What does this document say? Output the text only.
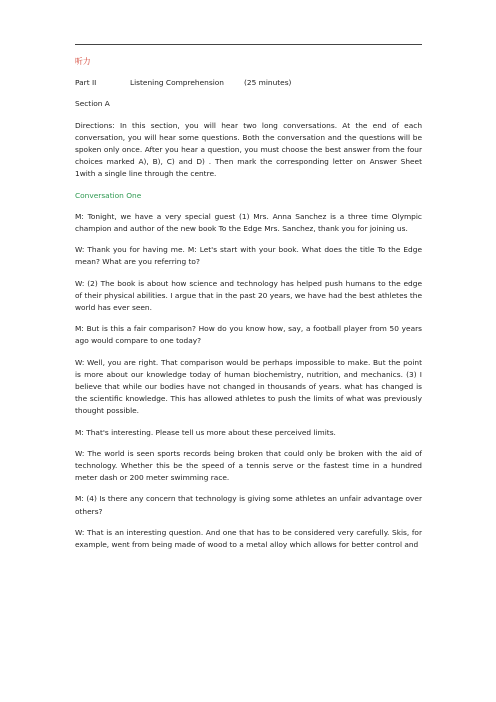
听力
Part II	Listening Comprehension	(25 minutes)
Section A
Directions: In this section, you will hear two long conversations. At the end of each conversation, you will hear some questions. Both the conversation and the questions will be spoken only once. After you hear a question, you must choose the best answer from the four choices marked A), B), C) and D) . Then mark the corresponding letter on Answer Sheet 1with a single line through the centre.
Conversation One
M: Tonight, we have a very special guest (1) Mrs. Anna Sanchez is a three time Olympic champion and author of the new book To the Edge Mrs. Sanchez, thank you for joining us.
W: Thank you for having me. M: Let's start with your book. What does the title To the Edge mean? What are you referring to?
W: (2) The book is about how science and technology has helped push humans to the edge of their physical abilities. I argue that in the past 20 years, we have had the best athletes the world has ever seen.
M: But is this a fair comparison? How do you know how, say, a football player from 50 years ago would compare to one today?
W: Well, you are right. That comparison would be perhaps impossible to make. But the point is more about our knowledge today of human biochemistry, nutrition, and mechanics. (3) I believe that while our bodies have not changed in thousands of years. what has changed is the scientific knowledge. This has allowed athletes to push the limits of what was previously thought possible.
M: That's interesting. Please tell us more about these perceived limits.
W: The world is seen sports records being broken that could only be broken with the aid of technology. Whether this be the speed of a tennis serve or the fastest time in a hundred meter dash or 200 meter swimming race.
M: (4) Is there any concern that technology is giving some athletes an unfair advantage over others?
W: That is an interesting question. And one that has to be considered very carefully. Skis, for example, went from being made of wood to a metal alloy which allows for better control and
